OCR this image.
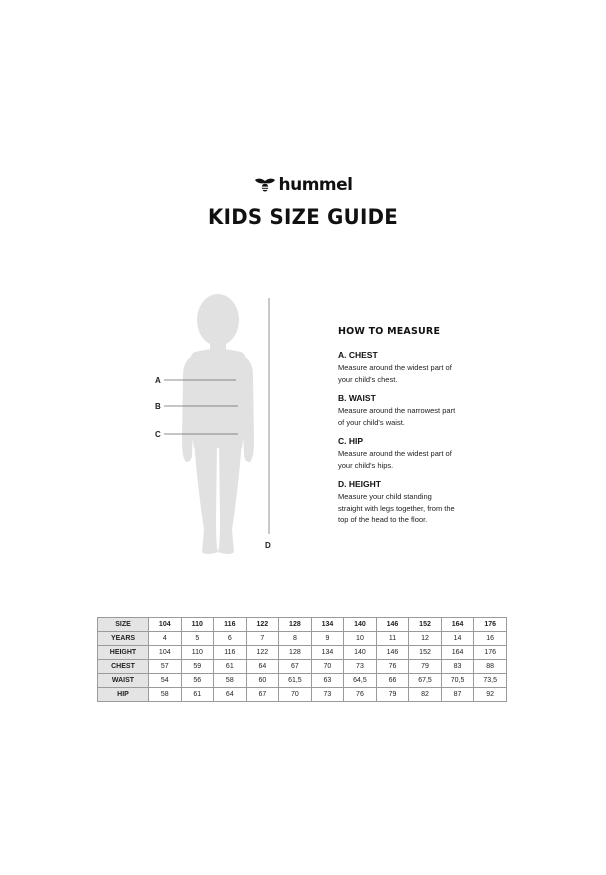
hummel
KIDS SIZE GUIDE
A
B
C
D
HOW TO MEASURE
A. CHEST
Measure around the widest part of your child's chest.
B. WAIST
Measure around the narrowest part of your child's waist.
C. HIP
Measure around the widest part of your child's hips.
D. HEIGHT
Measure your child standing straight with legs together, from the top of the head to the floor.
SIZE	104	110	116	122	128	134	140	146	152	164	176
YEARS	4	5	6	7	8	9	10	11	12	14	16
HEIGHT	104	110	116	122	128	134	140	146	152	164	176
CHEST	57	59	61	64	67	70	73	76	79	83	88
WAIST	54	56	58	60	61,5	63	64,5	66	67,5	70,5	73,5
HIP	58	61	64	67	70	73	76	79	82	87	92
